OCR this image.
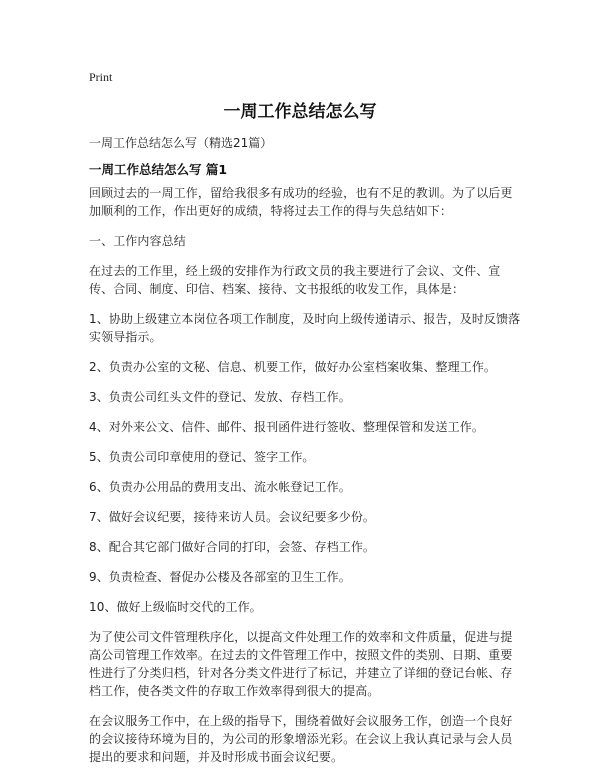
Print
一周工作总结怎么写

一周工作总结怎么写（精选21篇）

一周工作总结怎么写 篇1

回顾过去的一周工作，留给我很多有成功的经验，也有不足的教训。为了以后更加顺利的工作，作出更好的成绩，特将过去工作的得与失总结如下：

一、工作内容总结

在过去的工作里，经上级的安排作为行政文员的我主要进行了会议、文件、宣传、合同、制度、印信、档案、接待、文书报纸的收发工作，具体是：

1、协助上级建立本岗位各项工作制度，及时向上级传递请示、报告，及时反馈落实领导指示。

2、负责办公室的文秘、信息、机要工作，做好办公室档案收集、整理工作。

3、负责公司红头文件的登记、发放、存档工作。

4、对外来公文、信件、邮件、报刊函件进行签收、整理保管和发送工作。

5、负责公司印章使用的登记、签字工作。

6、负责办公用品的费用支出、流水帐登记工作。

7、做好会议纪要，接待来访人员。会议纪要多少份。

8、配合其它部门做好合同的打印，会签、存档工作。

9、负责检查、督促办公楼及各部室的卫生工作。

10、做好上级临时交代的工作。

为了使公司文件管理秩序化，以提高文件处理工作的效率和文件质量，促进与提高公司管理工作效率。在过去的文件管理工作中，按照文件的类别、日期、重要性进行了分类归档，针对各分类文件进行了标记，并建立了详细的登记台帐、存档工作，使各类文件的存取工作效率得到很大的提高。

在会议服务工作中，在上级的指导下，围绕着做好会议服务工作，创造一个良好的会议接待环境为目的，为公司的形象增添光彩。在会议上我认真记录与会人员提出的要求和问题，并及时形成书面会议纪要。
